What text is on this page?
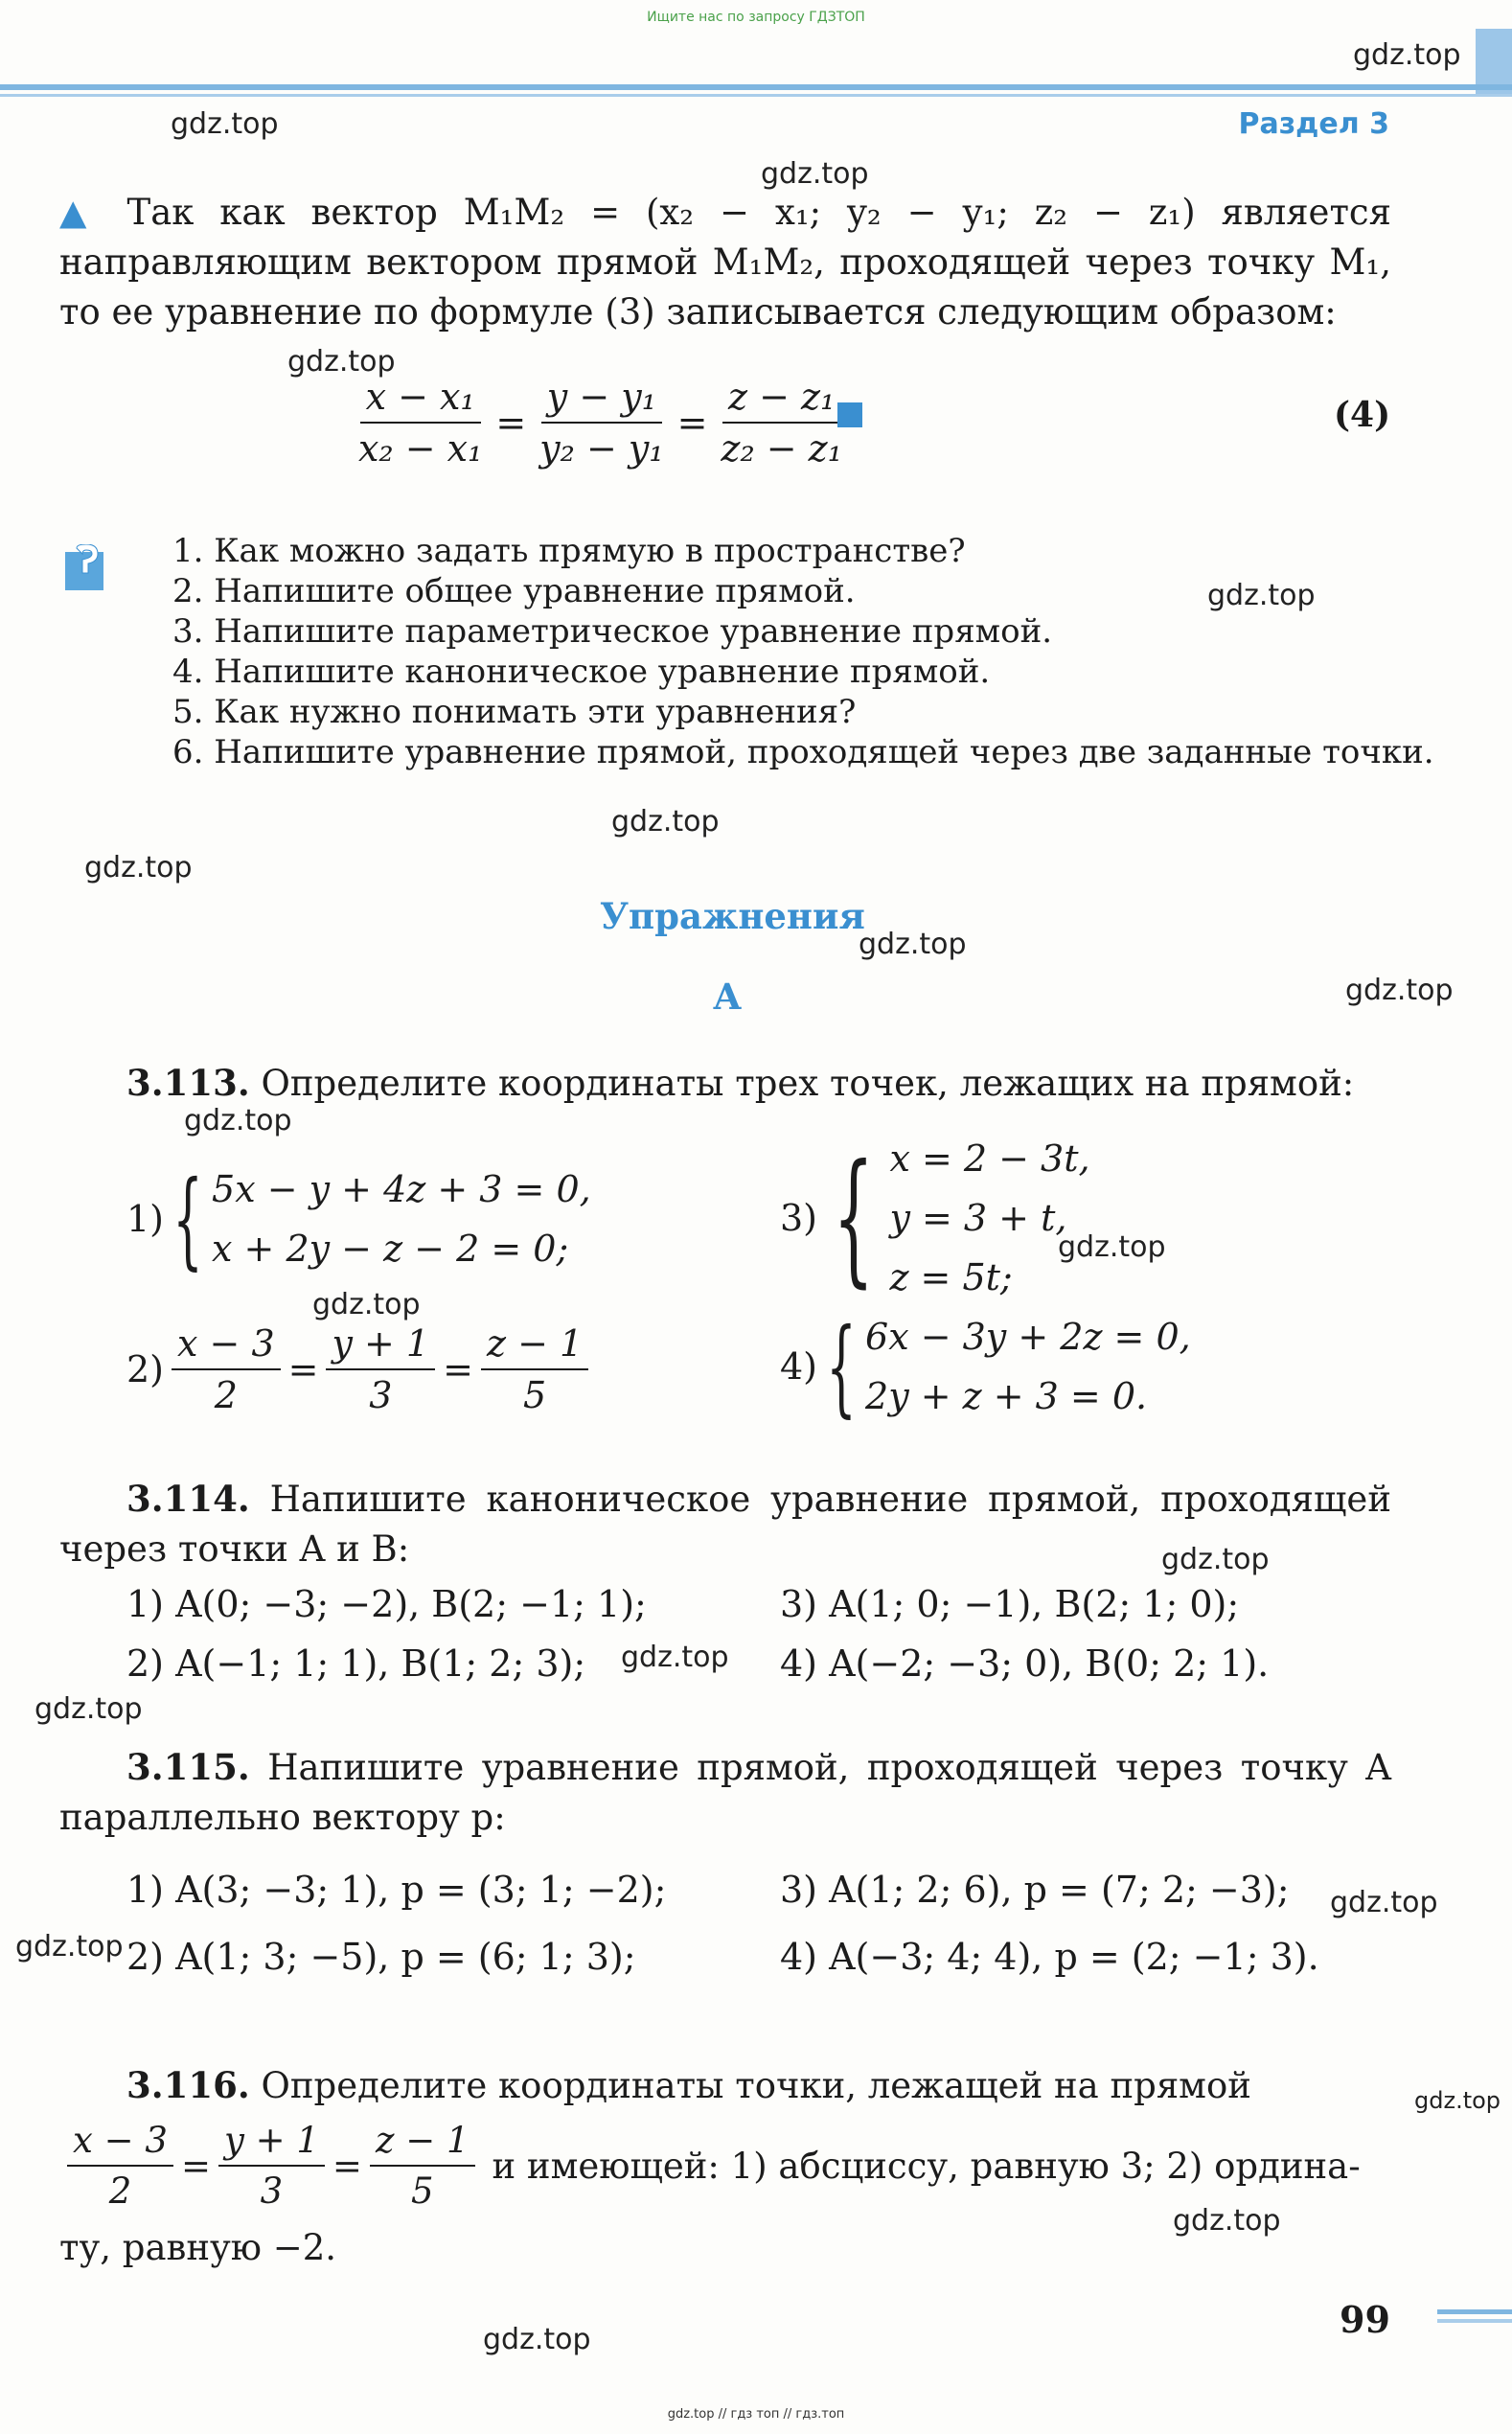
Ищите нас по запросу ГДЗТОП
Раздел 3
gdz.top
gdz.top
gdz.top
gdz.top
gdz.top
gdz.top
gdz.top
gdz.top
gdz.top
gdz.top
gdz.top
gdz.top
gdz.top
gdz.top
gdz.top
gdz.top
gdz.top
gdz.top
gdz.top
gdz.top
▲ Так как вектор M₁M₂ = (x₂ − x₁; y₂ − y₁; z₂ − z₁) является направляющим вектором прямой M₁M₂, проходящей через точку M₁, то ее уравнение по формуле (3) записывается следующим образом:
$\frac{\text{x − x₁}}{\text{x₂ − x₁}} = \frac{\text{y − y₁}}{\text{y₂ − y₁}} = \frac{\text{z − z₁}}{\text{z₂ − z₁}}$	(4)
1. Как можно задать прямую в пространстве?
2. Напишите общее уравнение прямой.
3. Напишите параметрическое уравнение прямой.
4. Напишите каноническое уравнение прямой.
5. Как нужно понимать эти уравнения?
6. Напишите уравнение прямой, проходящей через две заданные точки.
Упражнения
А
3.113. Определите координаты трех точек, лежащих на прямой:
1) { 5x − y + 4z + 3 = 0,
x + 2y − z − 2 = 0;
$2) \frac{x - 3}{2} = \frac{y + 1}{3} = \frac{z - 1}{5}$
3) { x = 2 − 3t,
y = 3 + t,
z = 5t;
4) { 6x − 3y + 2z = 0,
2y + z + 3 = 0.
3.114. Напишите каноническое уравнение прямой, проходящей через точки A и B:
1) A(0; −3; −2), B(2; −1; 1);	3) A(1; 0; −1), B(2; 1; 0);
2) A(−1; 1; 1), B(1; 2; 3);	4) A(−2; −3; 0), B(0; 2; 1).
3.115. Напишите уравнение прямой, проходящей через точку A параллельно вектору p:
1) A(3; −3; 1), p = (3; 1; −2);	3) A(1; 2; 6), p = (7; 2; −3);
2) A(1; 3; −5), p = (6; 1; 3);	4) A(−3; 4; 4), p = (2; −1; 3).
3.116. Определите координаты точки, лежащей на прямой
$\frac{x - 3}{2} = \frac{y + 1}{3} = \frac{z - 1}{5}$ и имеющей: 1) абсциссу, равную 3; 2) ордина-
ту, равную −2.
99
gdz.top // гдз топ // гдз.топ
